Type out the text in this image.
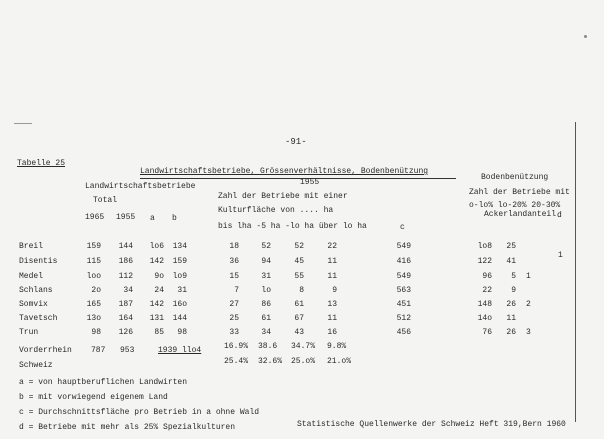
-91-
Tabelle 25
Landwirtschaftsbetriebe, Grössenverhältnisse, Bodenbenützung
1955
Bodenbenützung
Landwirtschaftsbetriebe
Zahl der Betriebe mit einer	Zahl der Betriebe mit
Total
Kulturfläche von .... ha
o-lo% lo-20% 20-30%
Ackerlandanteil d
1965 1955 a b
bis lha -5 ha -lo ha über lo ha	c
Breil	159 144 lo6 134	18	52	52	22	549	lo8 25
Disentis	115 186 142 159	36	94	45	11	416	122 41
1
Medel	loo 112	9o lo9	15	31	55	11	549	96 5 1
Schlans	2o	34	24 31	7	lo	8	9	563	22 9
Somvix	165 187 142 16o	27	86	61	13	451	148 26 2
Tavetsch	13o 164 131 144	25	61	67	11	512	14o 11
Trun	98 126	85 98	33	34	43	16	456	76 26 3
Vorderrhein 787 953	1939 llo4	16.9% 38.6 34.7% 9.8%
Schweiz	25.4% 32.6% 25.o% 21.o%
a = von hauptberuflichen Landwirten
b = mit vorwiegend eigenem Land
c = Durchschnittsfläche pro Betrieb in a ohne Wald
d = Betriebe mit mehr als 25% Spezialkulturen	Statistische Quellenwerke der Schweiz Heft 319,Bern 1960
